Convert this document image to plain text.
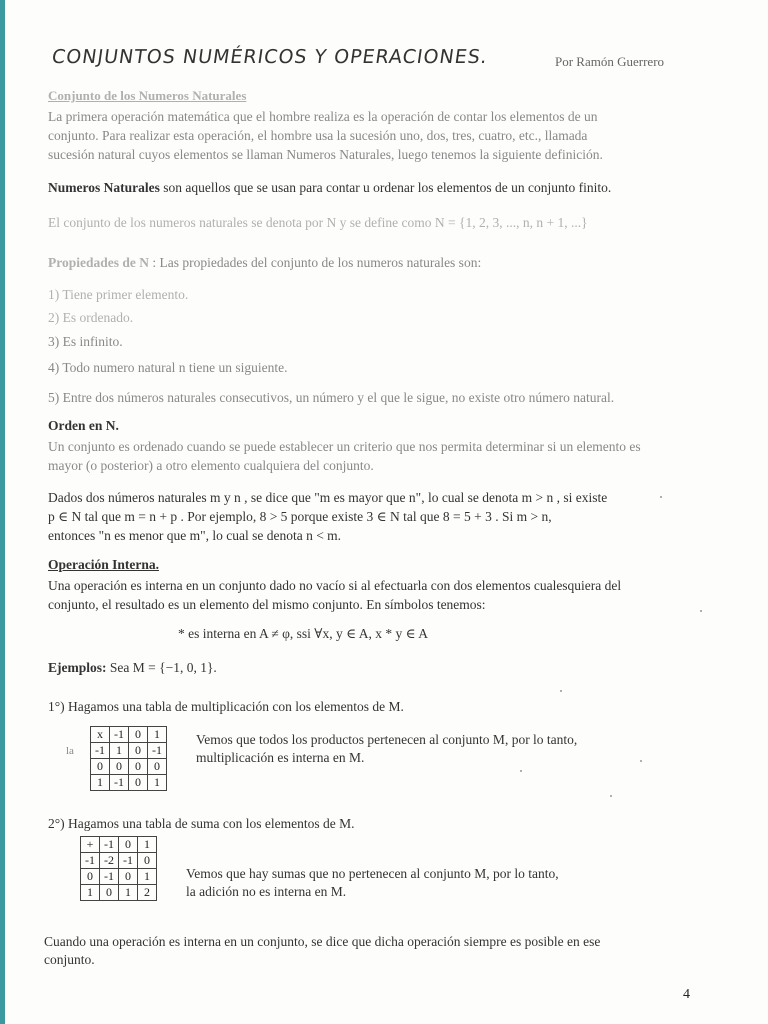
CONJUNTOS NUMÉRICOS Y OPERACIONES.	Por Ramón Guerrero
Conjunto de los Numeros Naturales
La primera operación matemática que el hombre realiza es la operación de contar los elementos de un
conjunto. Para realizar esta operación, el hombre usa la sucesión uno, dos, tres, cuatro, etc., llamada
sucesión natural cuyos elementos se llaman Numeros Naturales, luego tenemos la siguiente definición.
Numeros Naturales son aquellos que se usan para contar u ordenar los elementos de un conjunto finito.
El conjunto de los numeros naturales se denota por N y se define como N = {1, 2, 3, ..., n, n + 1, ...}
Propiedades de N : Las propiedades del conjunto de los numeros naturales son:
1) Tiene primer elemento.
2) Es ordenado.
3) Es infinito.
4) Todo numero natural n tiene un siguiente.
5) Entre dos números naturales consecutivos, un número y el que le sigue, no existe otro número natural.
Orden en N.
Un conjunto es ordenado cuando se puede establecer un criterio que nos permita determinar si un elemento es
mayor (o posterior) a otro elemento cualquiera del conjunto.
Dados dos números naturales m y n , se dice que "m es mayor que n", lo cual se denota m > n , si existe
p ∈ N tal que m = n + p . Por ejemplo, 8 > 5 porque existe 3 ∈ N tal que 8 = 5 + 3 . Si m > n,
entonces "n es menor que m", lo cual se denota n < m.
Operación Interna.
Una operación es interna en un conjunto dado no vacío si al efectuarla con dos elementos cualesquiera del
conjunto, el resultado es un elemento del mismo conjunto. En símbolos tenemos:
* es interna en A ≠ φ, ssi ∀x, y ∈ A, x * y ∈ A
Ejemplos: Sea M = {−1, 0, 1}.
1°) Hagamos una tabla de multiplicación con los elementos de M.
la
x	-1	0	1
-1	1	0	-1
0	0	0	0
1	-1	0	1
Vemos que todos los productos pertenecen al conjunto M, por lo tanto,
multiplicación es interna en M.
2°) Hagamos una tabla de suma con los elementos de M.
+	-1	0	1
-1	-2	-1	0
0	-1	0	1
1	0	1	2
Vemos que hay sumas que no pertenecen al conjunto M, por lo tanto,
la adición no es interna en M.
Cuando una operación es interna en un conjunto, se dice que dicha operación siempre es posible en ese
conjunto.
4
